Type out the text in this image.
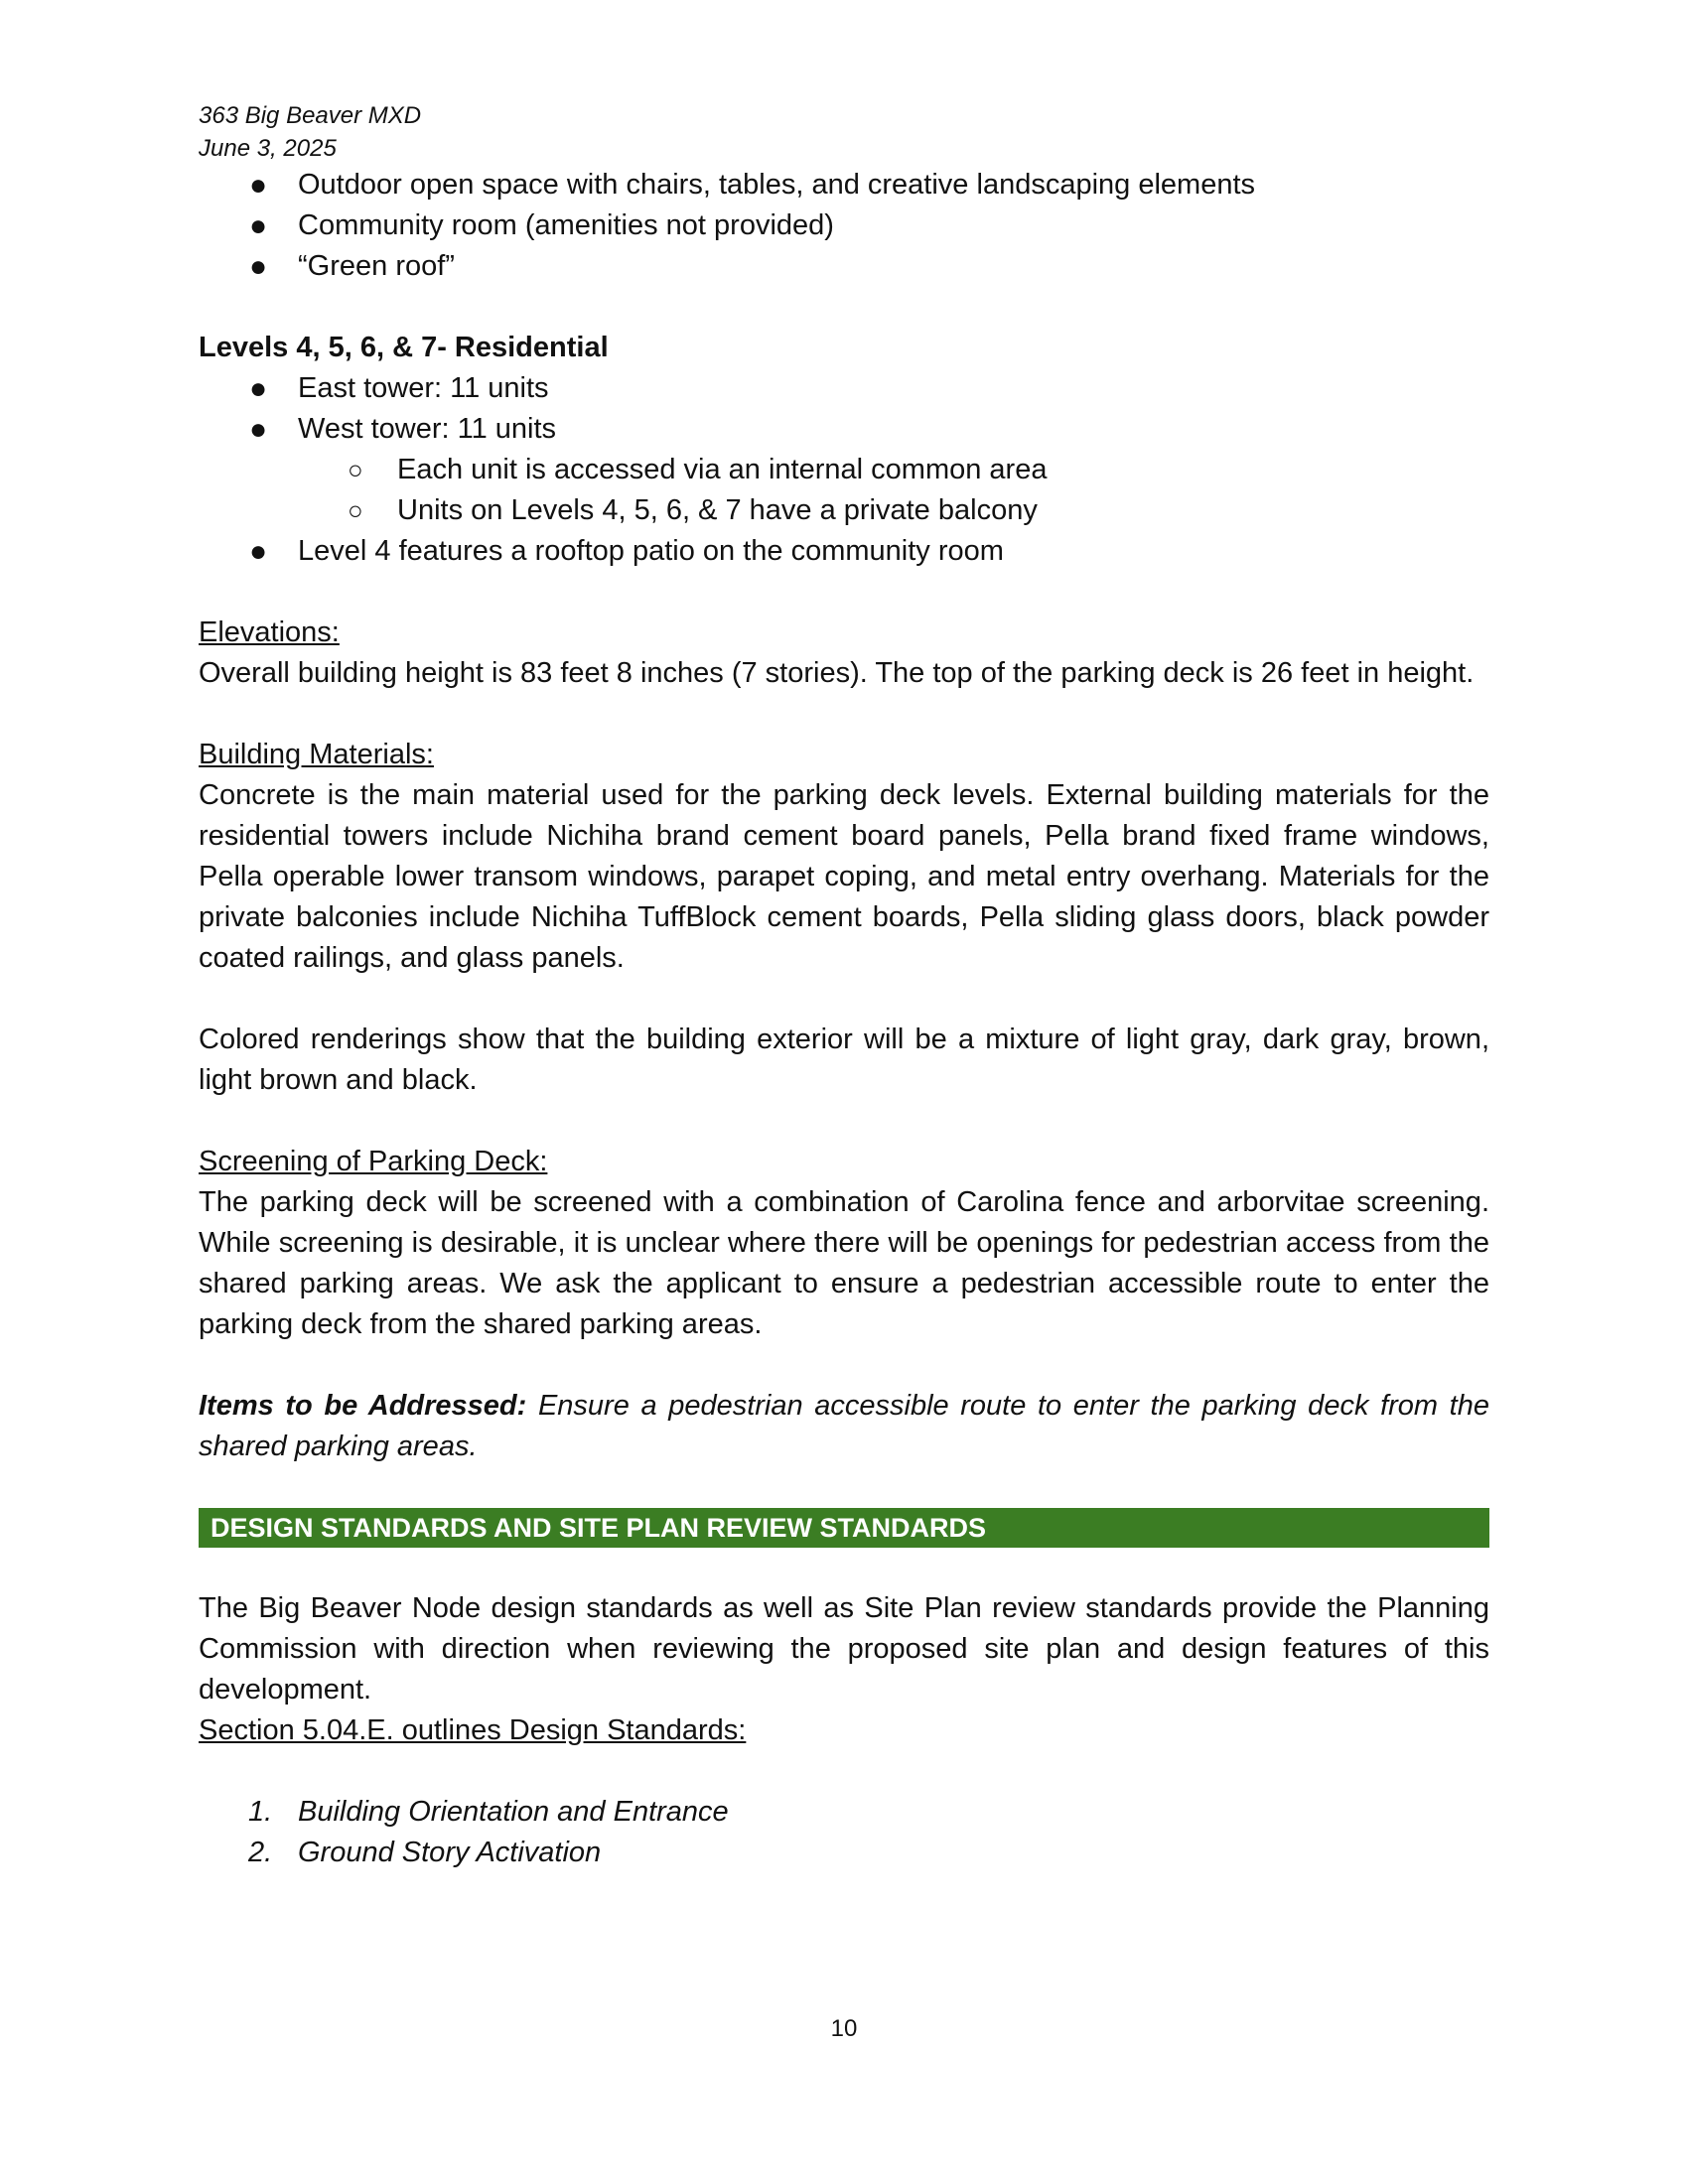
363 Big Beaver MXD
June 3, 2025
● Outdoor open space with chairs, tables, and creative landscaping elements
● Community room (amenities not provided)
● “Green roof”
Levels 4, 5, 6, & 7- Residential
● East tower: 11 units
● West tower: 11 units
○ Each unit is accessed via an internal common area
○ Units on Levels 4, 5, 6, & 7 have a private balcony
● Level 4 features a rooftop patio on the community room
Elevations:
Overall building height is 83 feet 8 inches (7 stories). The top of the parking deck is 26 feet in height.
Building Materials:
Concrete is the main material used for the parking deck levels. External building materials for the residential towers include Nichiha brand cement board panels, Pella brand fixed frame windows, Pella operable lower transom windows, parapet coping, and metal entry overhang. Materials for the private balconies include Nichiha TuffBlock cement boards, Pella sliding glass doors, black powder coated railings, and glass panels.
Colored renderings show that the building exterior will be a mixture of light gray, dark gray, brown, light brown and black.
Screening of Parking Deck:
The parking deck will be screened with a combination of Carolina fence and arborvitae screening. While screening is desirable, it is unclear where there will be openings for pedestrian access from the shared parking areas. We ask the applicant to ensure a pedestrian accessible route to enter the parking deck from the shared parking areas.
Items to be Addressed: Ensure a pedestrian accessible route to enter the parking deck from the shared parking areas.
DESIGN STANDARDS AND SITE PLAN REVIEW STANDARDS
The Big Beaver Node design standards as well as Site Plan review standards provide the Planning Commission with direction when reviewing the proposed site plan and design features of this development.
Section 5.04.E. outlines Design Standards:
1. Building Orientation and Entrance
2. Ground Story Activation
10
